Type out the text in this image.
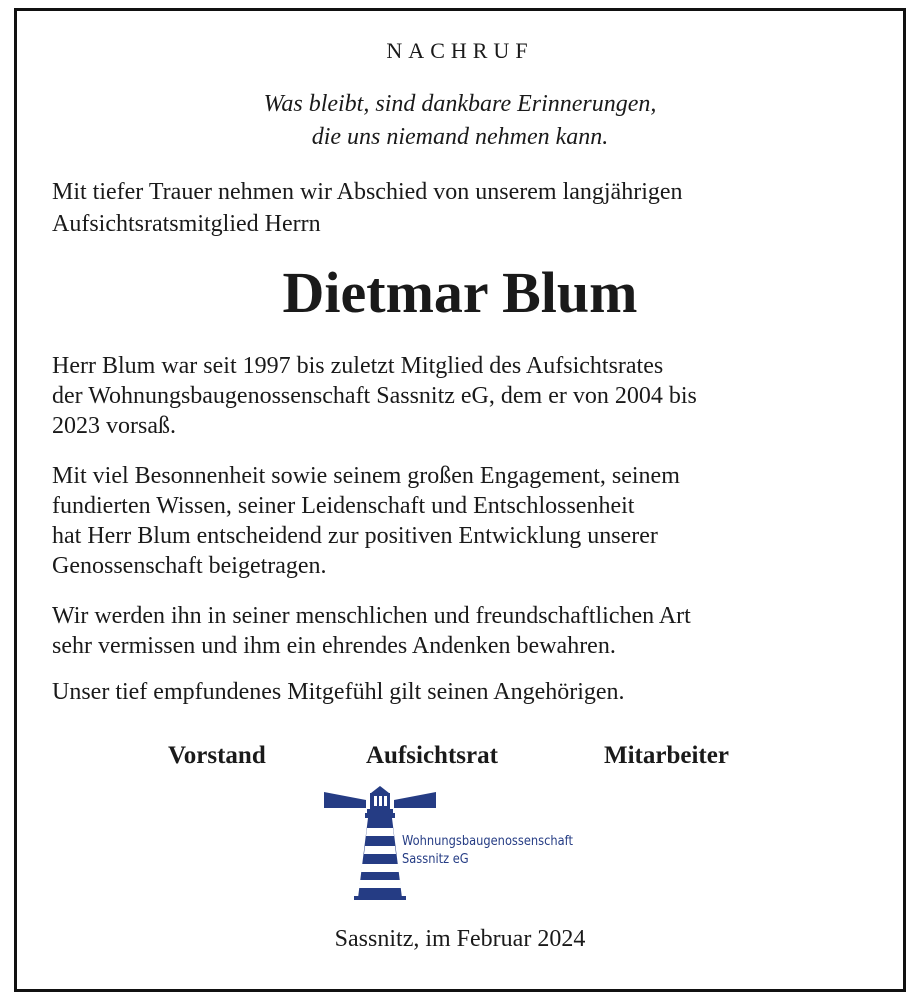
NACHRUF
Was bleibt, sind dankbare Erinnerungen,
die uns niemand nehmen kann.
Mit tiefer Trauer nehmen wir Abschied von unserem langjährigen
Aufsichtsratsmitglied Herrn
Dietmar Blum
Herr Blum war seit 1997 bis zuletzt Mitglied des Aufsichtsrates
der Wohnungsbaugenossenschaft Sassnitz eG, dem er von 2004 bis
2023 vorsaß.
Mit viel Besonnenheit sowie seinem großen Engagement, seinem
fundierten Wissen, seiner Leidenschaft und Entschlossenheit
hat Herr Blum entscheidend zur positiven Entwicklung unserer
Genossenschaft beigetragen.
Wir werden ihn in seiner menschlichen und freundschaftlichen Art
sehr vermissen und ihm ein ehrendes Andenken bewahren.
Unser tief empfundenes Mitgefühl gilt seinen Angehörigen.
Vorstand	Aufsichtsrat	Mitarbeiter
Wohnungsbaugenossenschaft
Sassnitz eG
Sassnitz, im Februar 2024
